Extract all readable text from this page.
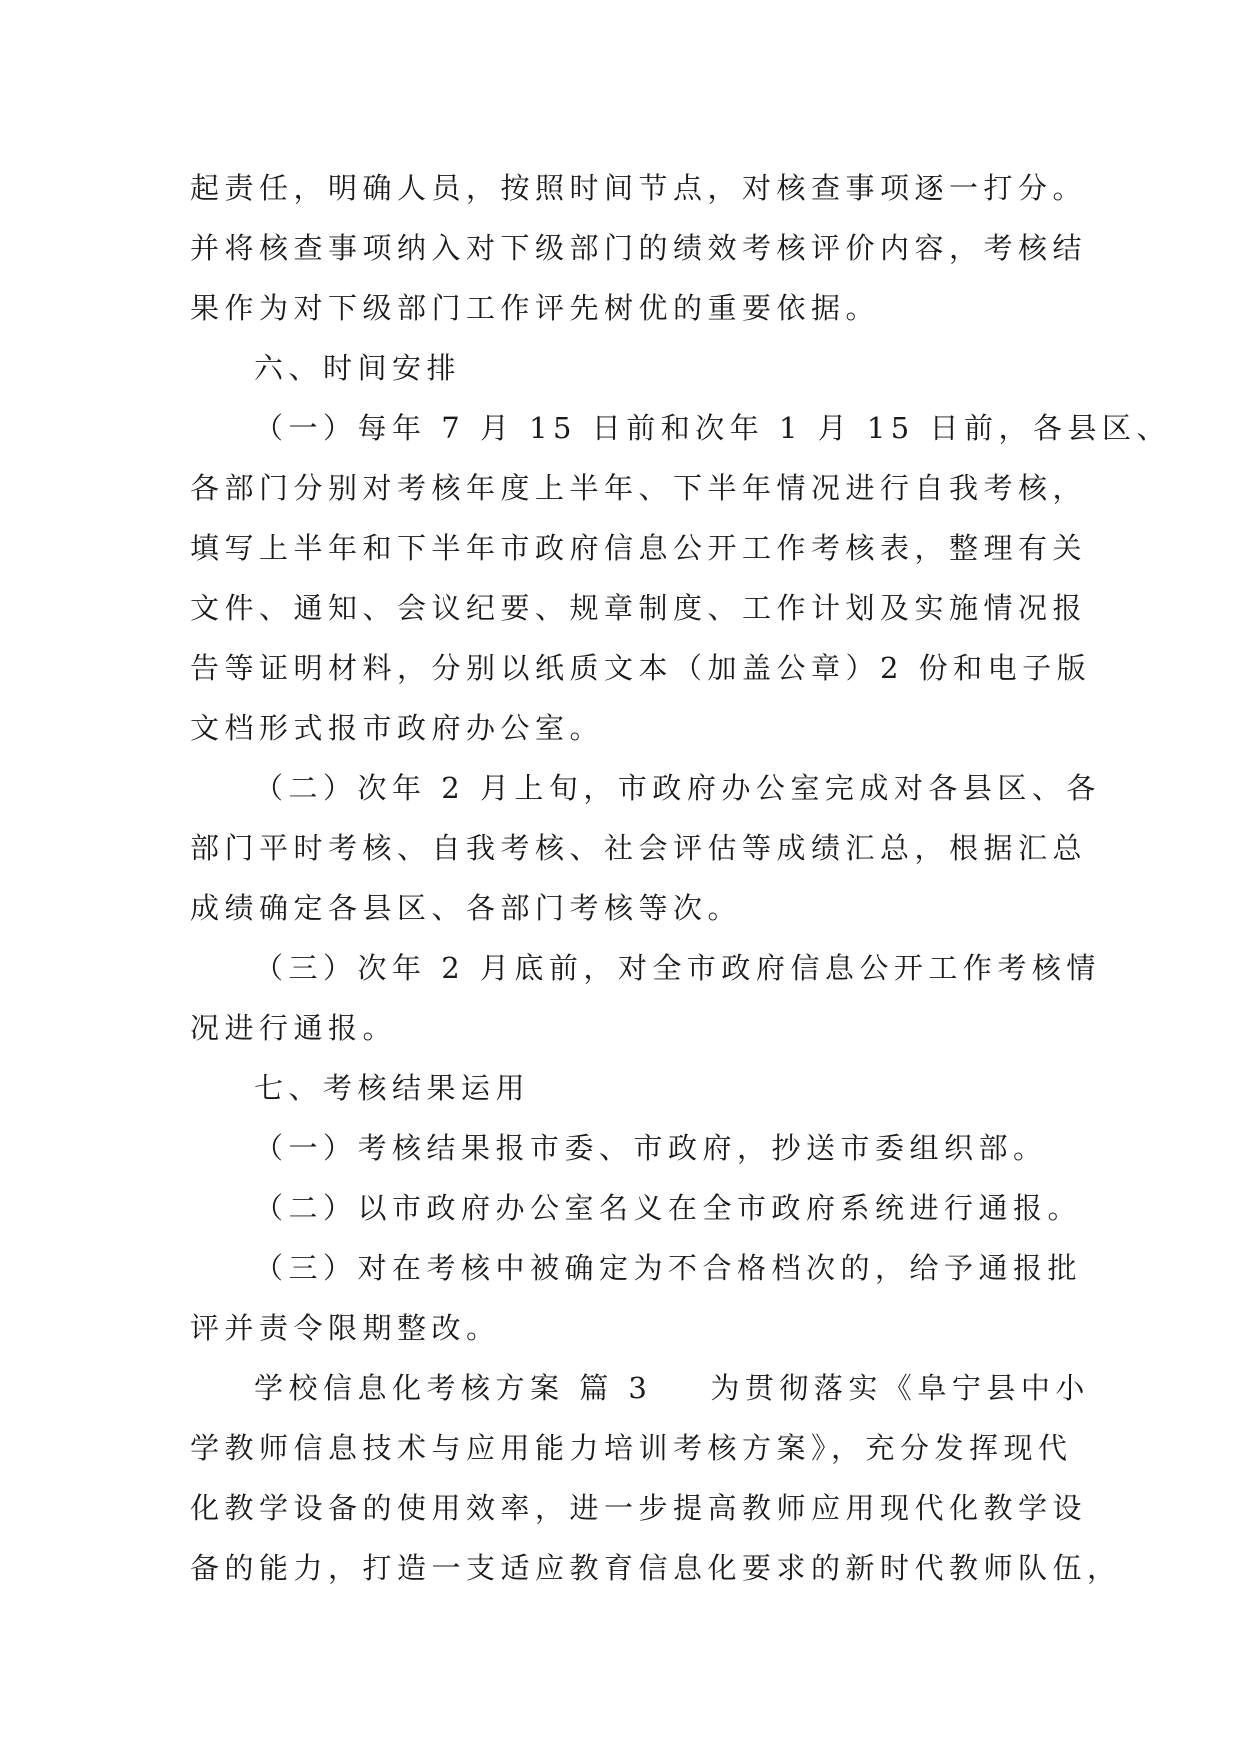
起责任，明确人员，按照时间节点，对核查事项逐一打分。
并将核查事项纳入对下级部门的绩效考核评价内容，考核结
果作为对下级部门工作评先树优的重要依据。
六、时间安排
（一）每年 7 月 15 日前和次年 1 月 15 日前，各县区、
各部门分别对考核年度上半年、下半年情况进行自我考核，
填写上半年和下半年市政府信息公开工作考核表，整理有关
文件、通知、会议纪要、规章制度、工作计划及实施情况报
告等证明材料，分别以纸质文本（加盖公章）2 份和电子版
文档形式报市政府办公室。
（二）次年 2 月上旬，市政府办公室完成对各县区、各
部门平时考核、自我考核、社会评估等成绩汇总，根据汇总
成绩确定各县区、各部门考核等次。
（三）次年 2 月底前，对全市政府信息公开工作考核情
况进行通报。
七、考核结果运用
（一）考核结果报市委、市政府，抄送市委组织部。
（二）以市政府办公室名义在全市政府系统进行通报。
（三）对在考核中被确定为不合格档次的，给予通报批
评并责令限期整改。
学校信息化考核方案 篇 3 为贯彻落实《阜宁县中小
学教师信息技术与应用能力培训考核方案》，充分发挥现代
化教学设备的使用效率，进一步提高教师应用现代化教学设
备的能力，打造一支适应教育信息化要求的新时代教师队伍，
